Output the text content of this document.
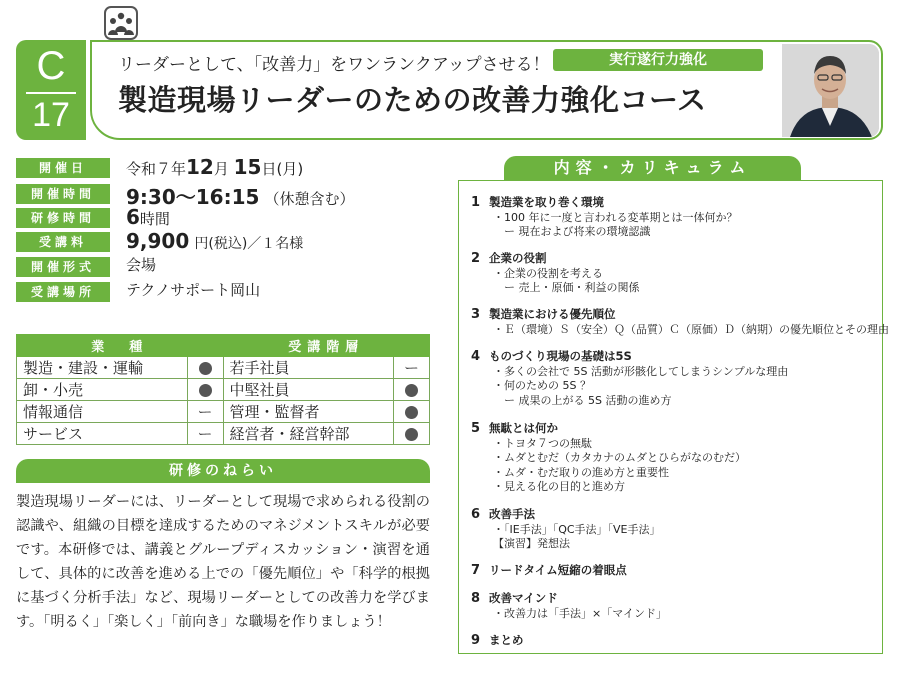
C
17
リーダーとして、「改善力」をワンランクアップさせる！	実行遂行力強化
製造現場リーダーのための改善力強化コース
開催日	令和７年12月 15日(月)
開催時間	9:30～16:15 （休憩含む）
研修時間	6時間
受講料	9,900 円(税込)／１名様
開催形式	会場
受講場所	テクノサポート岡山
業　種		受講階層	
製造・建設・運輸		若手社員	ー
卸・小売		中堅社員	
情報通信	ー	管理・監督者	
サービス	ー	経営者・経営幹部	
研修のねらい
製造現場リーダーには、リーダーとして現場で求められる役割の認識や、組織の目標を達成するためのマネジメントスキルが必要です。本研修では、講義とグループディスカッション・演習を通して、具体的に改善を進める上での「優先順位」や「科学的根拠に基づく分析手法」など、現場リーダーとしての改善力を学びます。「明るく」「楽しく」「前向き」な職場を作りましょう！
内容・カリキュラム
1 製造業を取り巻く環境
・100 年に一度と言われる変革期とは一体何か？
　ー 現在および将来の環境認識
2 企業の役割
・企業の役割を考える
　ー 売上・原価・利益の関係
3 製造業における優先順位
・Ｅ（環境）Ｓ（安全）Ｑ（品質）Ｃ（原価）Ｄ（納期）の優先順位とその理由
4 ものづくり現場の基礎は5S
・多くの会社で 5S 活動が形骸化してしまうシンプルな理由
・何のための 5S ？
　ー 成果の上がる 5S 活動の進め方
5 無駄とは何か
・トヨタ７つの無駄
・ムダとむだ（カタカナのムダとひらがなのむだ）
・ムダ・むだ取りの進め方と重要性
・見える化の目的と進め方
6 改善手法
・「IE手法」「QC手法」「VE手法」
【演習】発想法
7 リードタイム短縮の着眼点
8 改善マインド
・改善力は「手法」×「マインド」
9 まとめ
